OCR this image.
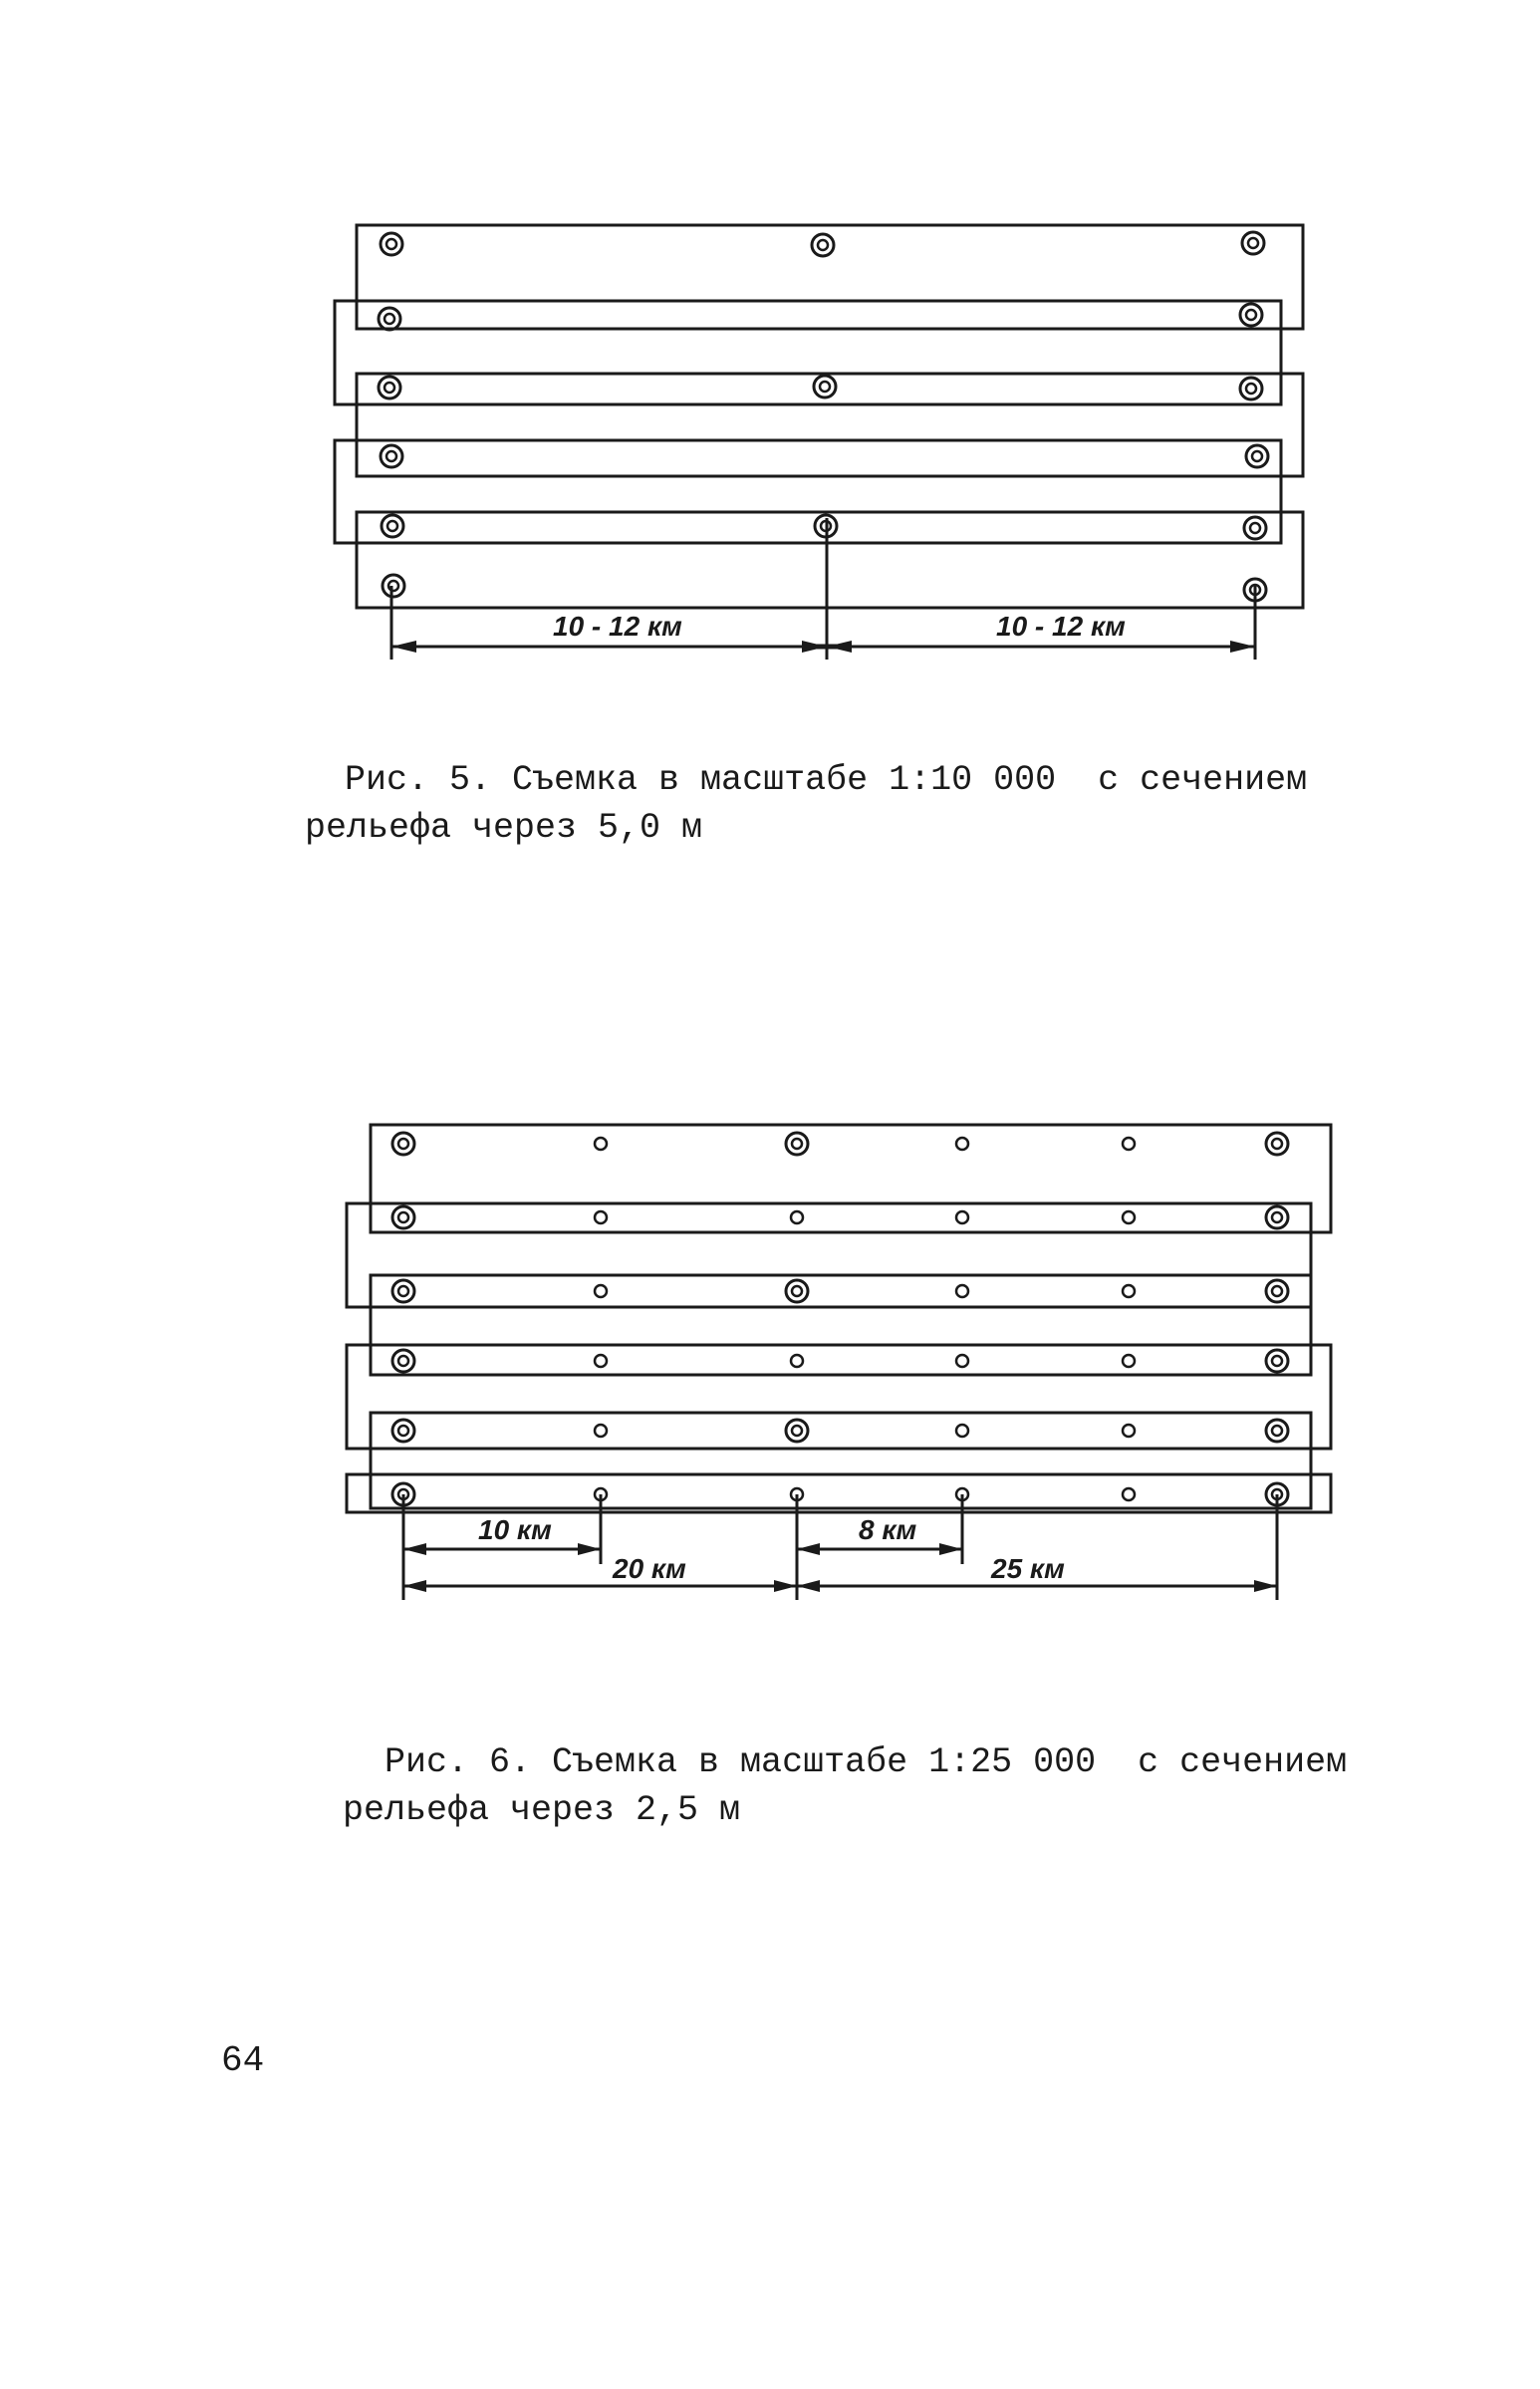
10 - 12 км	10 - 12 км
10 км
20 км
8 км
25 км
Рис. 5. Съемка в масштабе 1:10 000  с сечением
рельефа через 5,0 м
Рис. 6. Съемка в масштабе 1:25 000  с сечением
рельефа через 2,5 м
64
